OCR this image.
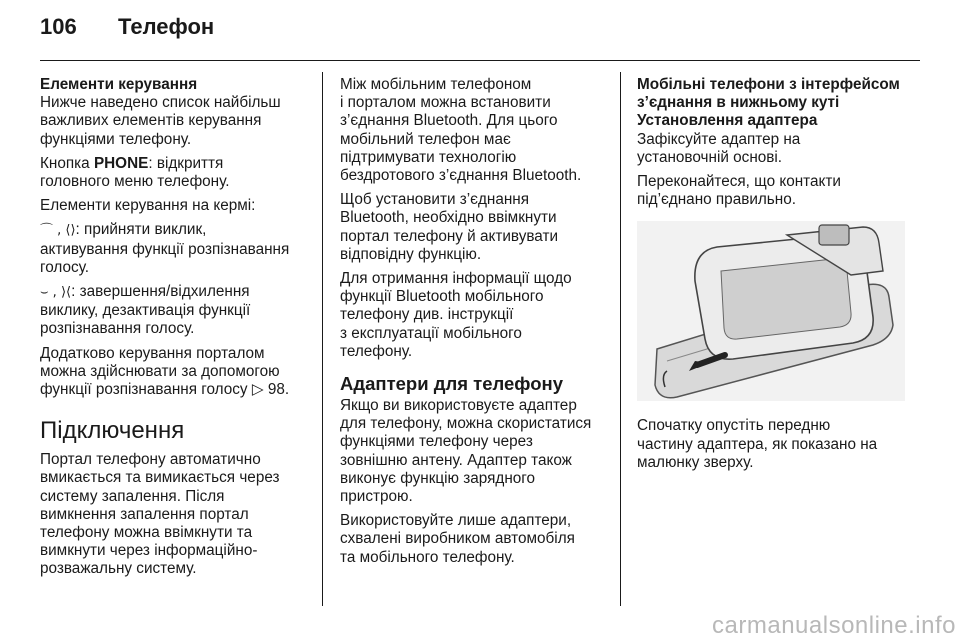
106	Телефон
Елементи керування

Нижче наведено список найбільш
важливих елементів керування
функціями телефону.

Кнопка PHONE: відкриття
головного меню телефону.

Елементи керування на кермі:

⌒ , ⟨⟩: прийняти виклик,
активування функції розпізнавання
голосу.

⌣ , ⟩⟨: завершення/відхилення
виклику, дезактивація функції
розпізнавання голосу.

Додатково керування порталом
можна здійснювати за допомогою
функції розпізнавання голосу ▷ 98.

Підключення

Портал телефону автоматично
вмикається та вимикається через
систему запалення. Після
вимкнення запалення портал
телефону можна ввімкнути та
вимкнути через інформаційно-
розважальну систему.

Між мобільним телефоном
і порталом можна встановити
з’єднання Bluetooth. Для цього
мобільний телефон має
підтримувати технологію
бездротового з’єднання Bluetooth.

Щоб установити з’єднання
Bluetooth, необхідно ввімкнути
портал телефону й активувати
відповідну функцію.

Для отримання інформації щодо
функції Bluetooth мобільного
телефону див. інструкції
з експлуатації мобільного
телефону.

Адаптери для телефону

Якщо ви використовуєте адаптер
для телефону, можна скористатися
функціями телефону через
зовнішню антену. Адаптер також
виконує функцію зарядного
пристрою.

Використовуйте лише адаптери,
схвалені виробником автомобіля
та мобільного телефону.

Мобільні телефони з інтерфейсом
з’єднання в нижньому куті
Установлення адаптера

Зафіксуйте адаптер на
установочній основі.

Переконайтеся, що контакти
під’єднано правильно.

Спочатку опустіть передню
частину адаптера, як показано на
малюнку зверху.

carmanualsonline.info
